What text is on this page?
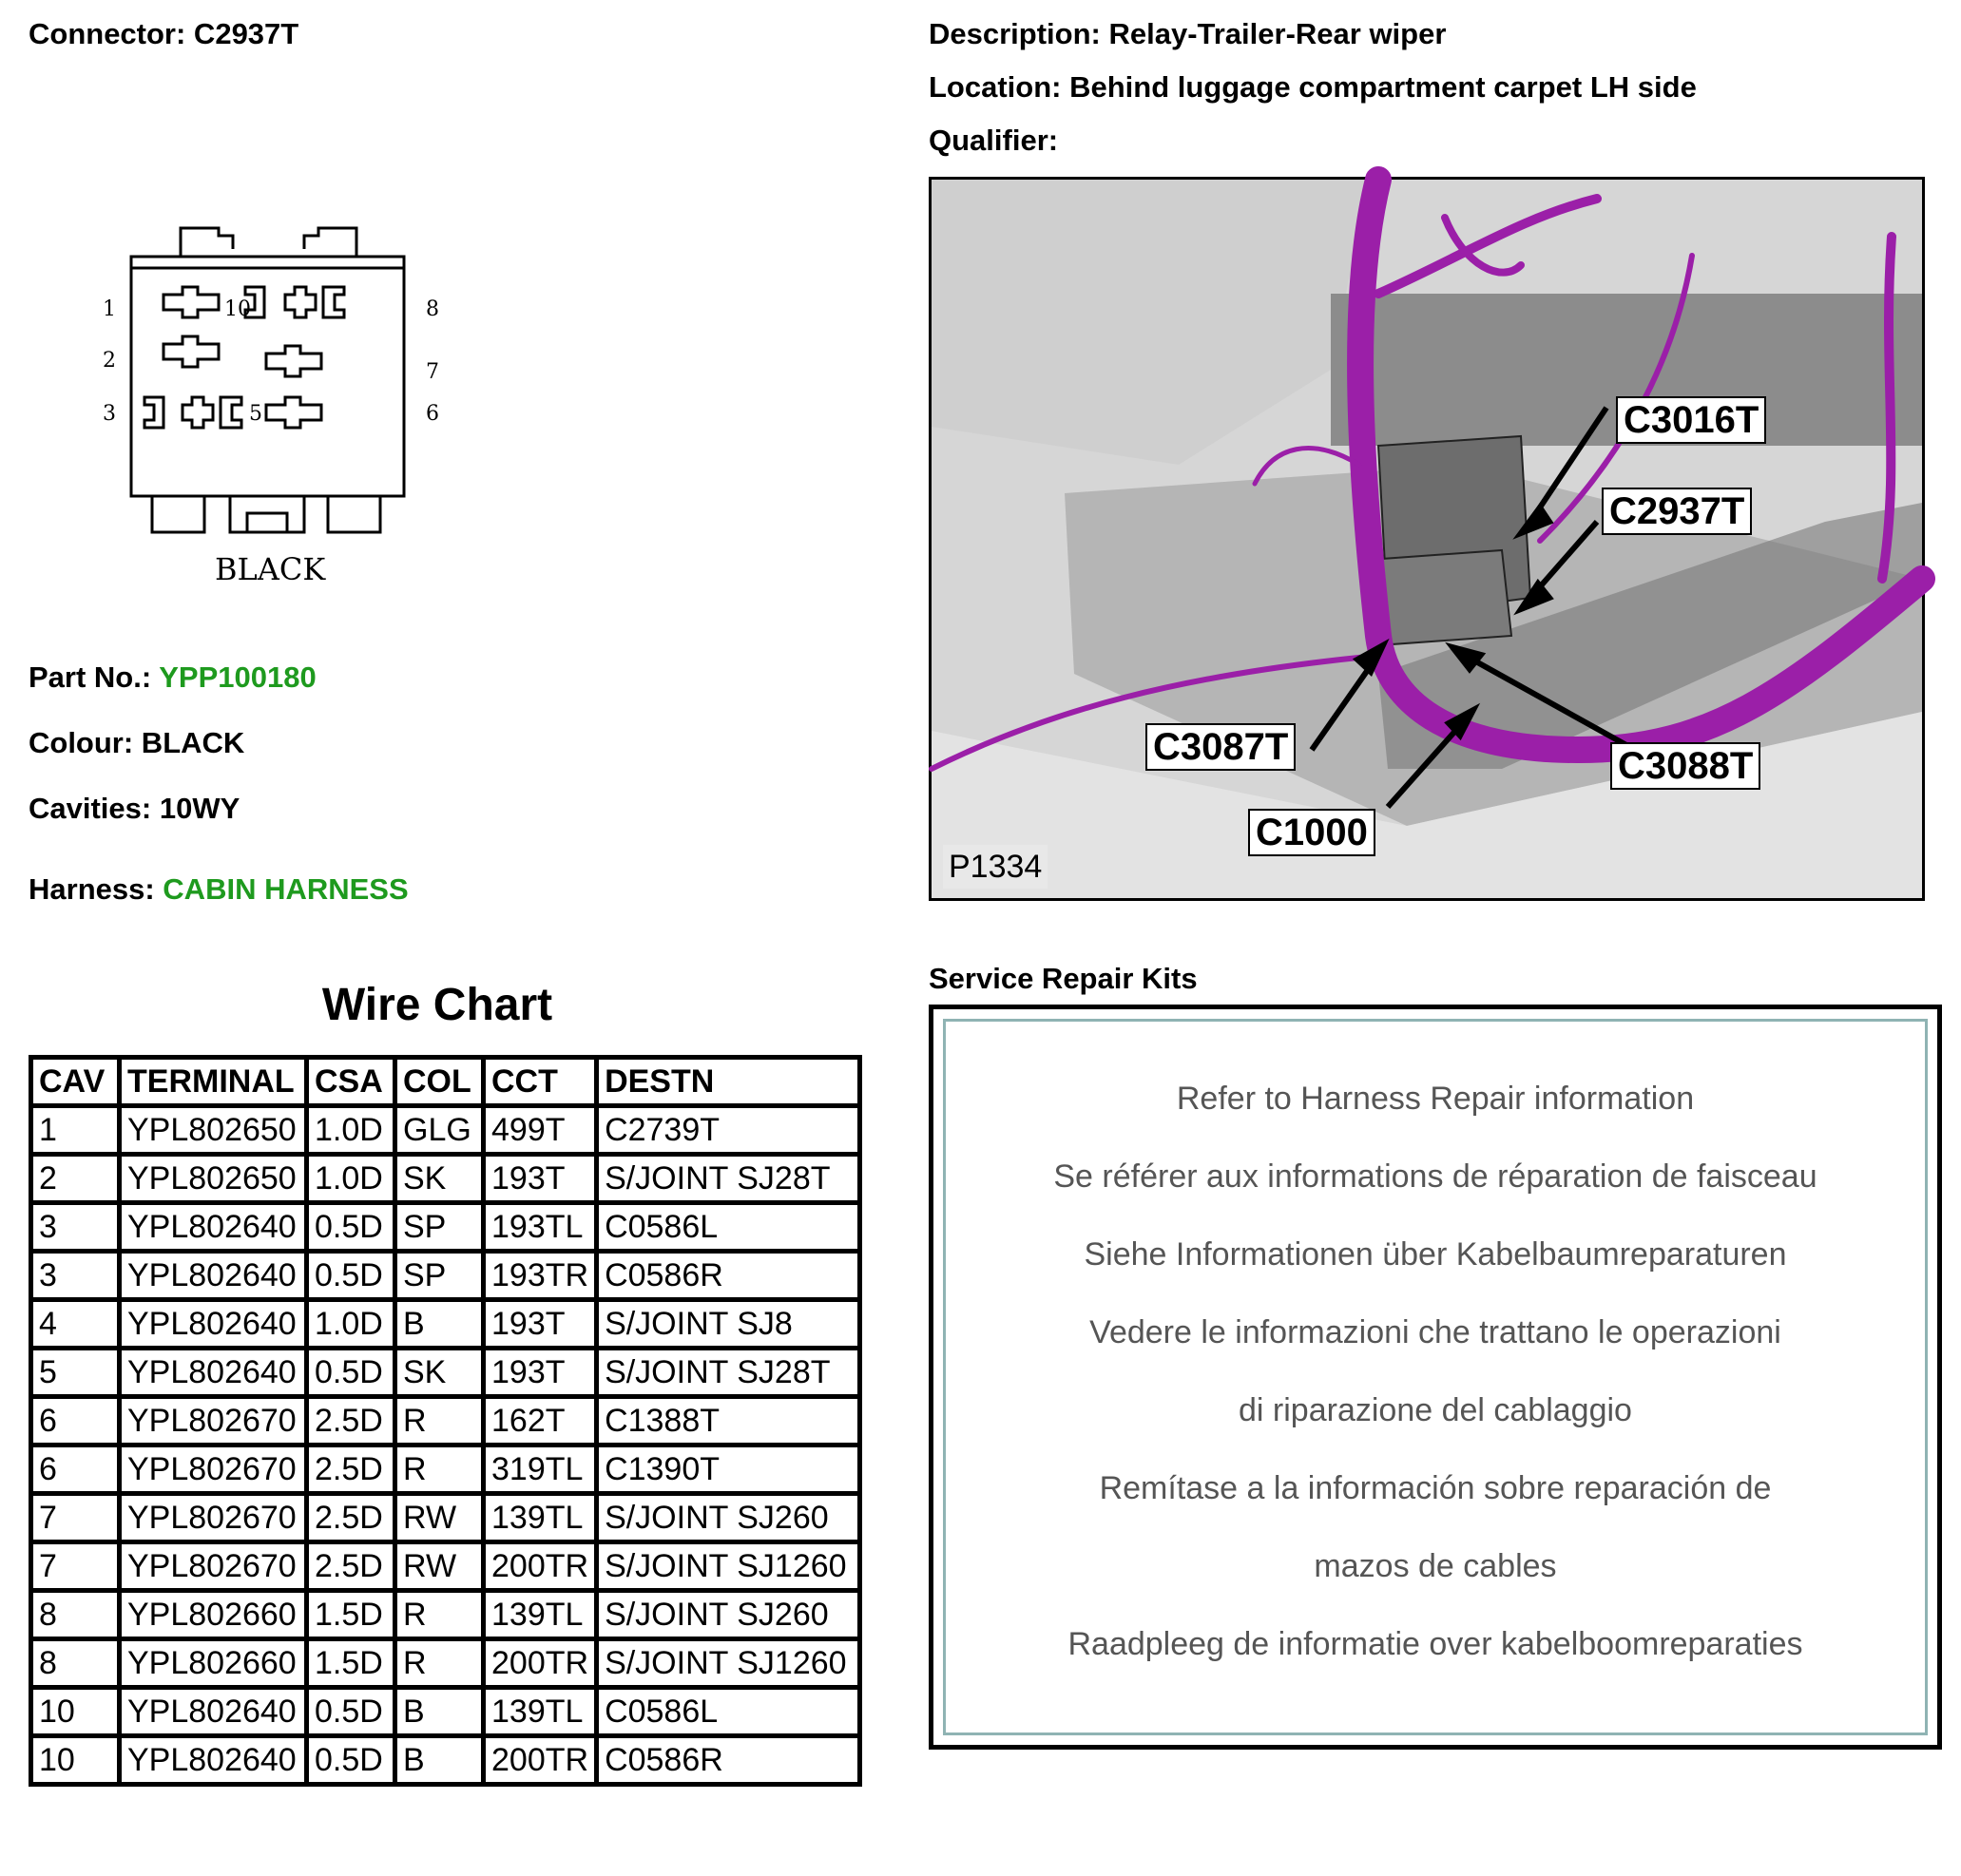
Connector: C2937T
1
2
3
10
5
8
7
6
BLACK
Part No.: YPP100180
Colour: BLACK
Cavities: 10WY
Harness: CABIN HARNESS
Wire Chart
CAV	TERMINAL	CSA	COL	CCT	DESTN
1	YPL802650	1.0D	GLG	499T	C2739T
2	YPL802650	1.0D	SK	193T	S/JOINT SJ28T
3	YPL802640	0.5D	SP	193TL	C0586L
3	YPL802640	0.5D	SP	193TR	C0586R
4	YPL802640	1.0D	B	193T	S/JOINT SJ8
5	YPL802640	0.5D	SK	193T	S/JOINT SJ28T
6	YPL802670	2.5D	R	162T	C1388T
6	YPL802670	2.5D	R	319TL	C1390T
7	YPL802670	2.5D	RW	139TL	S/JOINT SJ260
7	YPL802670	2.5D	RW	200TR	S/JOINT SJ1260
8	YPL802660	1.5D	R	139TL	S/JOINT SJ260
8	YPL802660	1.5D	R	200TR	S/JOINT SJ1260
10	YPL802640	0.5D	B	139TL	C0586L
10	YPL802640	0.5D	B	200TR	C0586R
Description: Relay-Trailer-Rear wiper
Location: Behind luggage compartment carpet LH side
Qualifier:
C3016T
C2937T
C3087T	C3088T
C1000
P1334
Service Repair Kits
Refer to Harness Repair information
Se référer aux informations de réparation de faisceau
Siehe Informationen über Kabelbaumreparaturen
Vedere le informazioni che trattano le operazioni
di riparazione del cablaggio
Remítase a la información sobre reparación de
mazos de cables
Raadpleeg de informatie over kabelboomreparaties
